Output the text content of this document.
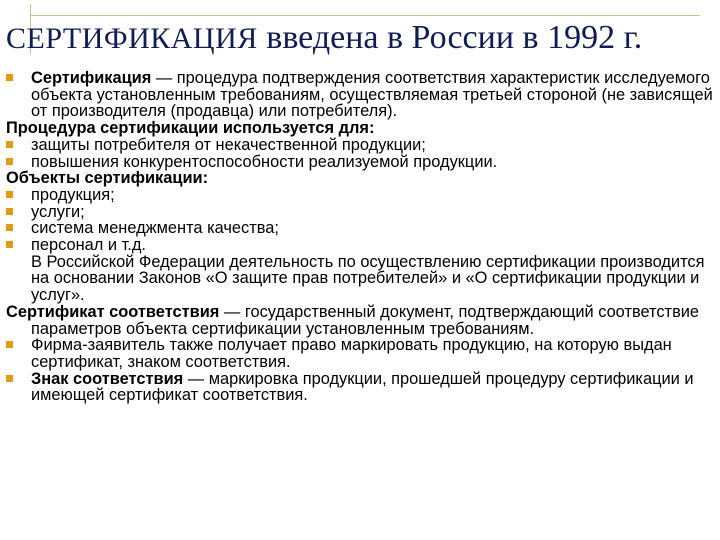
СЕРТИФИКАЦИЯ введена в России в 1992 г.
Сертификация — процедура подтверждения соответствия характеристик исследуемого объекта установленным требованиям, осуществляемая третьей стороной (не зависящей от производителя (продавца) или потребителя).
Процедура сертификации используется для:
защиты потребителя от некачественной продукции;
повышения конкурентоспособности реализуемой продукции.
Объекты сертификации:
продукция;
услуги;
система менеджмента качества;
персонал и т.д.
В Российской Федерации деятельность по осуществлению сертификации производится на основании Законов «О защите прав потребителей» и «О сертификации продукции и услуг».
Сертификат соответствия — государственный документ, подтверждающий соответствие параметров объекта сертификации установленным требованиям.
Фирма-заявитель также получает право маркировать продукцию, на которую выдан сертификат, знаком соответствия.
Знак соответствия — маркировка продукции, прошедшей процедуру сертификации и имеющей сертификат соответствия.
